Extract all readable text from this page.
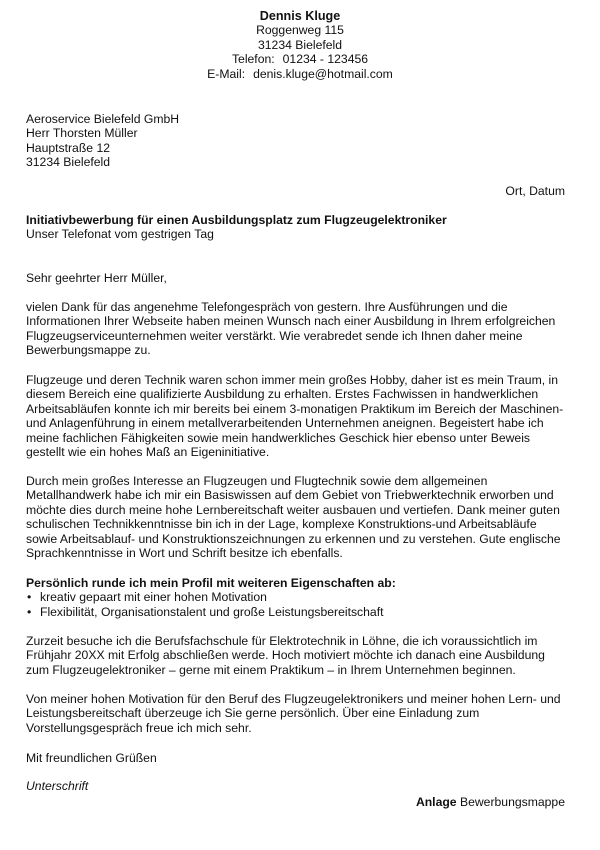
Dennis Kluge
Roggenweg 115
31234 Bielefeld
Telefon: 01234 - 123456
E-Mail: denis.kluge@hotmail.com
Aeroservice Bielefeld GmbH
Herr Thorsten Müller
Hauptstraße 12
31234 Bielefeld
Ort, Datum
Initiativbewerbung für einen Ausbildungsplatz zum Flugzeugelektroniker
Unser Telefonat vom gestrigen Tag
Sehr geehrter Herr Müller,

vielen Dank für das angenehme Telefongespräch von gestern. Ihre Ausführungen und die Informationen Ihrer Webseite haben meinen Wunsch nach einer Ausbildung in Ihrem erfolgreichen Flugzeugserviceunternehmen weiter verstärkt. Wie verabredet sende ich Ihnen daher meine Bewerbungsmappe zu.

Flugzeuge und deren Technik waren schon immer mein großes Hobby, daher ist es mein Traum, in diesem Bereich eine qualifizierte Ausbildung zu erhalten. Erstes Fachwissen in handwerklichen Arbeitsabläufen konnte ich mir bereits bei einem 3-monatigen Praktikum im Bereich der Maschinen- und Anlagenführung in einem metallverarbeitenden Unternehmen aneignen. Begeistert habe ich meine fachlichen Fähigkeiten sowie mein handwerkliches Geschick hier ebenso unter Beweis gestellt wie ein hohes Maß an Eigeninitiative.

Durch mein großes Interesse an Flugzeugen und Flugtechnik sowie dem allgemeinen Metallhandwerk habe ich mir ein Basiswissen auf dem Gebiet von Triebwerktechnik erworben und möchte dies durch meine hohe Lernbereitschaft weiter ausbauen und vertiefen. Dank meiner guten schulischen Technikkenntnisse bin ich in der Lage, komplexe Konstruktions-und Arbeitsabläufe sowie Arbeitsablauf- und Konstruktionszeichnungen zu erkennen und zu verstehen. Gute englische Sprachkenntnisse in Wort und Schrift besitze ich ebenfalls.

Persönlich runde ich mein Profil mit weiteren Eigenschaften ab:
• kreativ gepaart mit einer hohen Motivation
• Flexibilität, Organisationstalent und große Leistungsbereitschaft

Zurzeit besuche ich die Berufsfachschule für Elektrotechnik in Löhne, die ich voraussichtlich im Frühjahr 20XX mit Erfolg abschließen werde. Hoch motiviert möchte ich danach eine Ausbildung zum Flugzeugelektroniker – gerne mit einem Praktikum – in Ihrem Unternehmen beginnen.

Von meiner hohen Motivation für den Beruf des Flugzeugelektronikers und meiner hohen Lern- und Leistungsbereitschaft überzeuge ich Sie gerne persönlich. Über eine Einladung zum Vorstellungsgespräch freue ich mich sehr.

Mit freundlichen Grüßen
Unterschrift
Anlage Bewerbungsmappe
